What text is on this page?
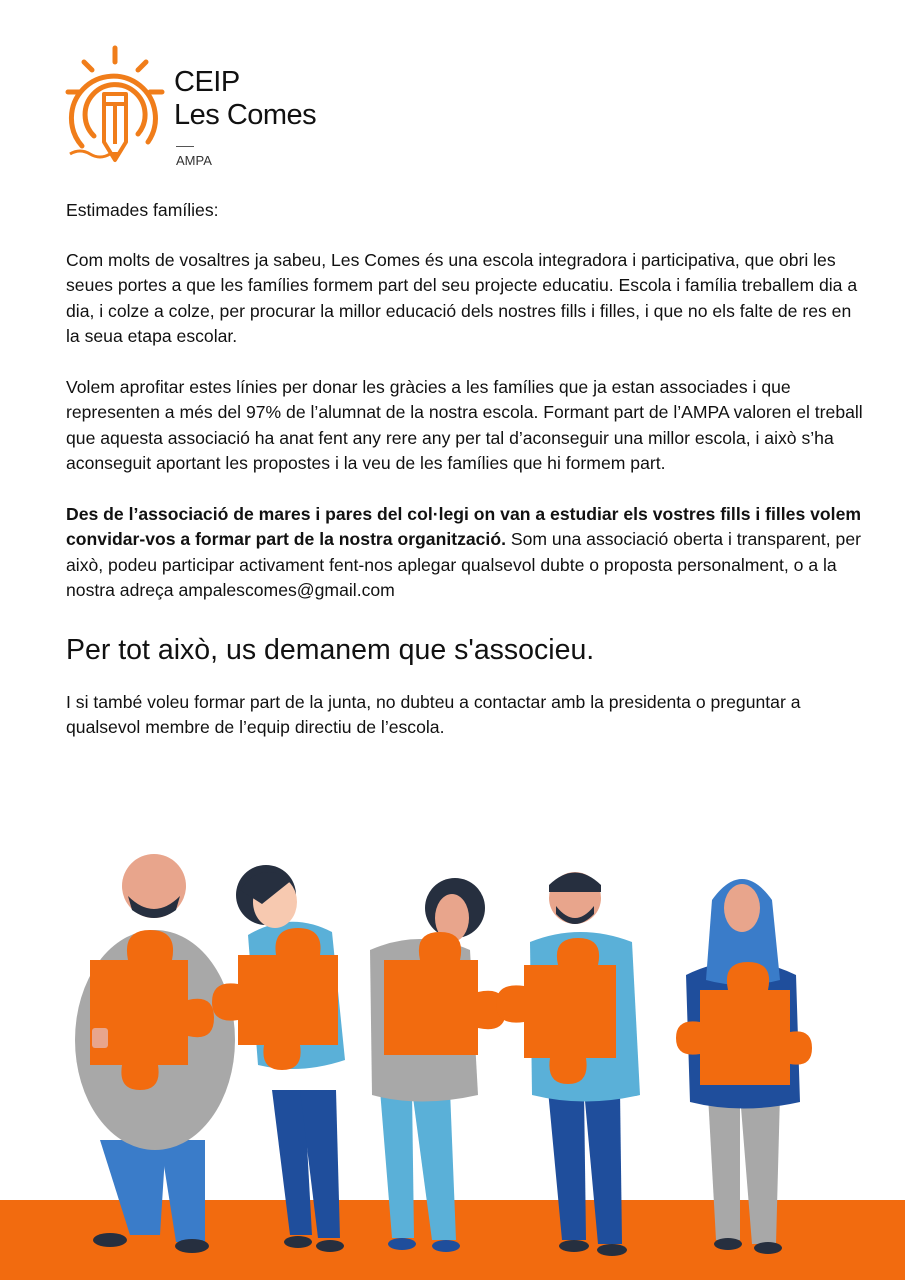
CEIP
Les Comes
AMPA

Estimades famílies:

Com molts de vosaltres ja sabeu, Les Comes és una escola integradora i participativa, que obri les seues portes a que les famílies formem part del seu projecte educatiu. Escola i família treballem dia a dia, i colze a colze, per procurar la millor educació dels nostres fills i filles, i que no els falte de res en la seua etapa escolar.

Volem aprofitar estes línies per donar les gràcies a les famílies que ja estan associades i que representen a més del 97% de l’alumnat de la nostra escola. Formant part de l’AMPA valoren el treball que aquesta associació ha anat fent any rere any per tal d’aconseguir una millor escola, i això s’ha aconseguit aportant les propostes i la veu de les famílies que hi formem part.

Des de l’associació de mares i pares del col·legi on van a estudiar els vostres fills i filles volem convidar-vos a formar part de la nostra organització. Som una associació oberta i transparent, per això, podeu participar activament fent-nos aplegar qualsevol dubte o proposta personalment, o a la nostra adreça ampalescomes@gmail.com

Per tot això, us demanem que s'associeu.

I si també voleu formar part de la junta, no dubteu a contactar amb la presidenta o preguntar a qualsevol membre de l’equip directiu de l’escola.
